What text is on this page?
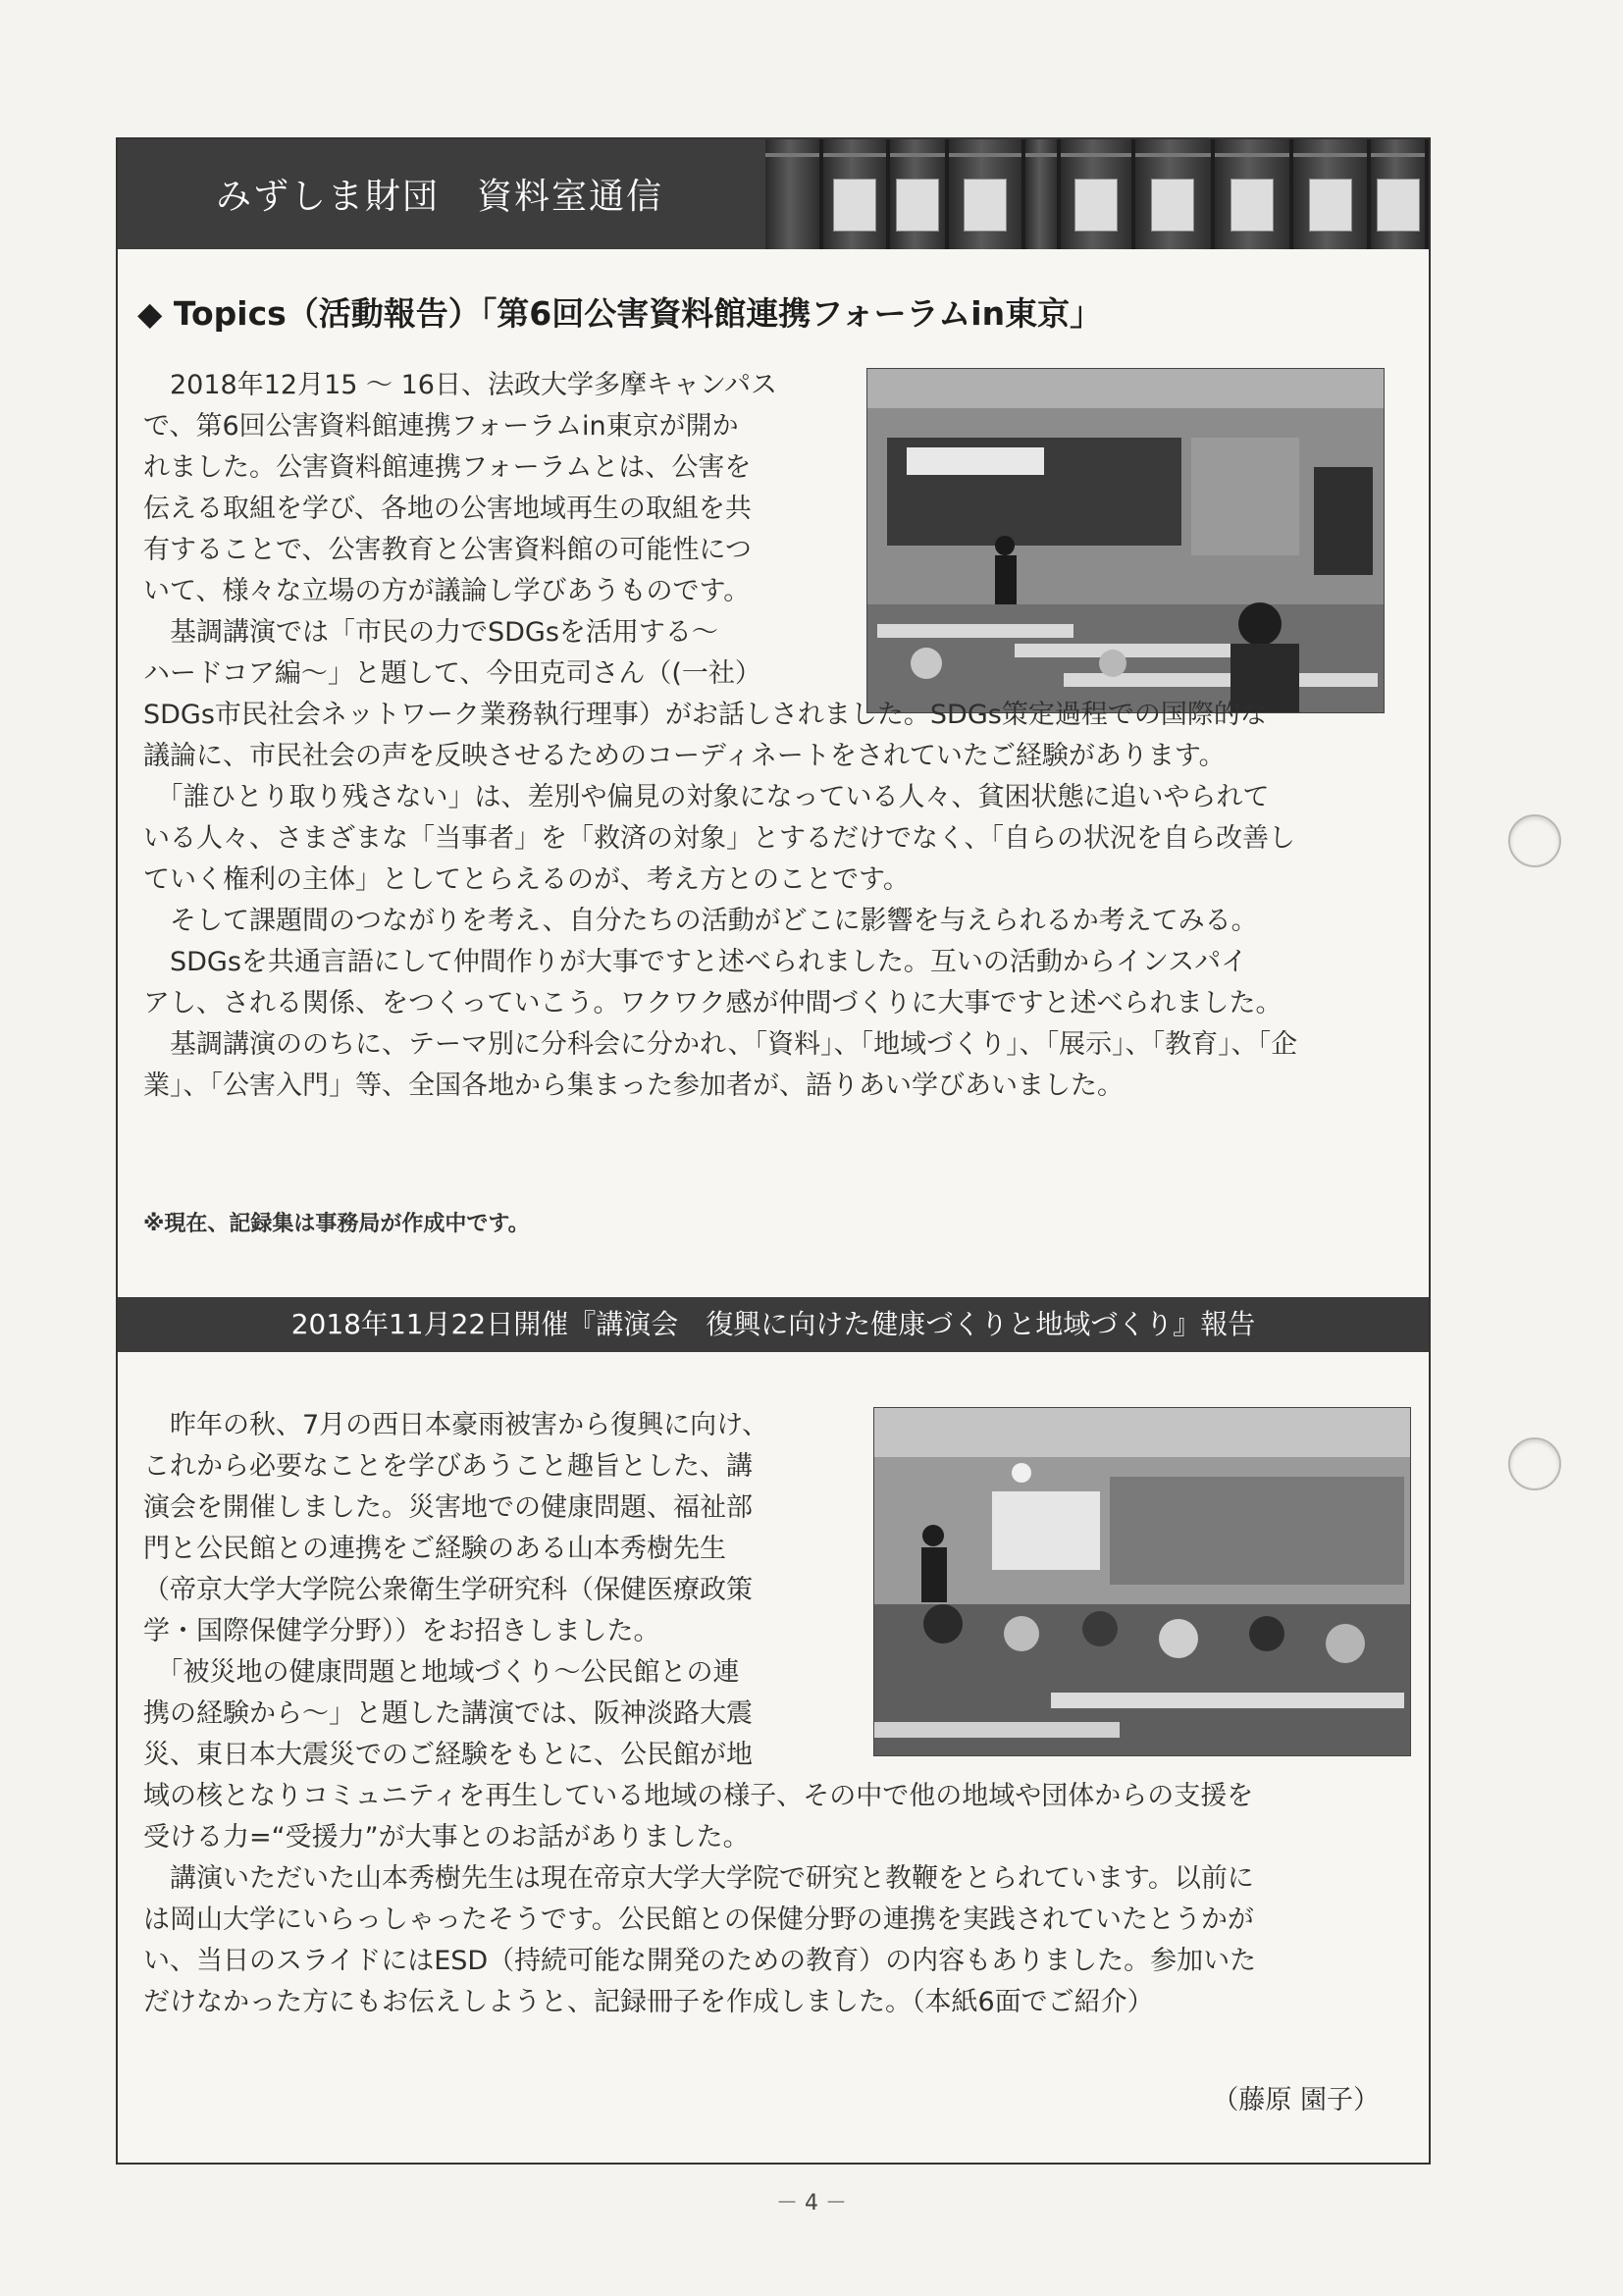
みずしま財団　資料室通信
◆ Topics（活動報告）「第6回公害資料館連携フォーラムin東京」

　2018年12月15 ～ 16日、法政大学多摩キャンパス

で、第6回公害資料館連携フォーラムin東京が開か

れました。公害資料館連携フォーラムとは、公害を

伝える取組を学び、各地の公害地域再生の取組を共

有することで、公害教育と公害資料館の可能性につ

いて、様々な立場の方が議論し学びあうものです。

　基調講演では「市民の力でSDGsを活用する～

ハードコア編～」と題して、今田克司さん（(一社）

SDGs市民社会ネットワーク業務執行理事）がお話しされました。SDGs策定過程での国際的な

議論に、市民社会の声を反映させるためのコーディネートをされていたご経験があります。

　「誰ひとり取り残さない」は、差別や偏見の対象になっている人々、貧困状態に追いやられて

いる人々、さまざまな「当事者」を「救済の対象」とするだけでなく、「自らの状況を自ら改善し

ていく権利の主体」としてとらえるのが、考え方とのことです。

　そして課題間のつながりを考え、自分たちの活動がどこに影響を与えられるか考えてみる。

　SDGsを共通言語にして仲間作りが大事ですと述べられました。互いの活動からインスパイ

アし、される関係、をつくっていこう。ワクワク感が仲間づくりに大事ですと述べられました。

　基調講演ののちに、テーマ別に分科会に分かれ、「資料」、「地域づくり」、「展示」、「教育」、「企

業」、「公害入門」等、全国各地から集まった参加者が、語りあい学びあいました。

※現在、記録集は事務局が作成中です。
2018年11月22日開催『講演会　復興に向けた健康づくりと地域づくり』報告

　昨年の秋、7月の西日本豪雨被害から復興に向け、

これから必要なことを学びあうこと趣旨とした、講

演会を開催しました。災害地での健康問題、福祉部

門と公民館との連携をご経験のある山本秀樹先生

（帝京大学大学院公衆衛生学研究科（保健医療政策

学・国際保健学分野））をお招きしました。

　「被災地の健康問題と地域づくり～公民館との連

携の経験から～」と題した講演では、阪神淡路大震

災、東日本大震災でのご経験をもとに、公民館が地

域の核となりコミュニティを再生している地域の様子、その中で他の地域や団体からの支援を

受ける力=“受援力”が大事とのお話がありました。

　講演いただいた山本秀樹先生は現在帝京大学大学院で研究と教鞭をとられています。以前に

は岡山大学にいらっしゃったそうです。公民館との保健分野の連携を実践されていたとうかが

い、当日のスライドにはESD（持続可能な開発のための教育）の内容もありました。参加いた

だけなかった方にもお伝えしようと、記録冊子を作成しました。（本紙6面でご紹介）

（藤原 園子）
－ 4 －
